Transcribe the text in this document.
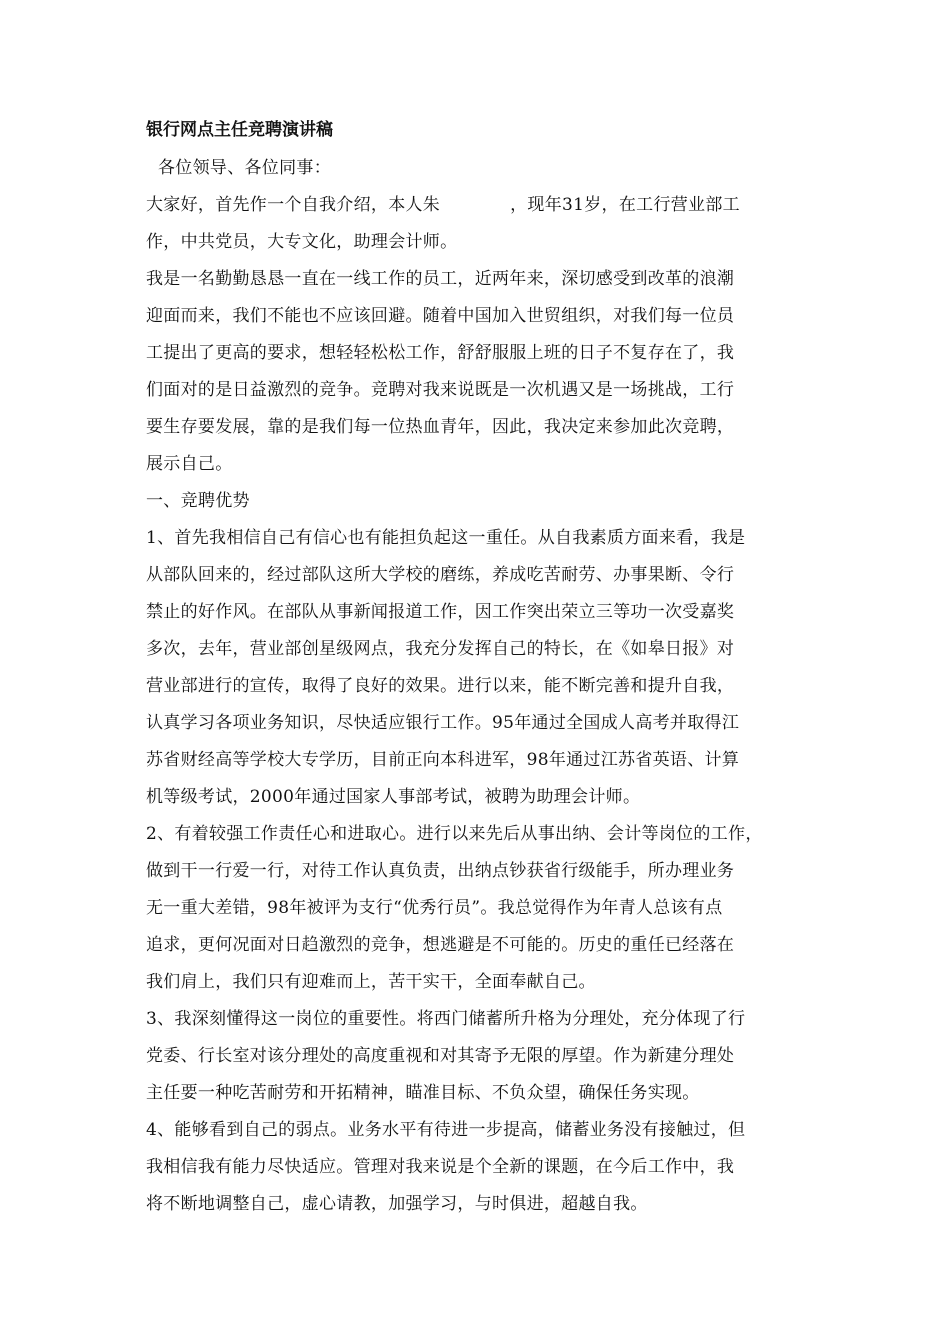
银行网点主任竞聘演讲稿
各位领导、各位同事：
大家好，首先作一个自我介绍，本人朱	，现年31岁，在工行营业部工
作，中共党员，大专文化，助理会计师。
我是一名勤勤恳恳一直在一线工作的员工，近两年来，深切感受到改革的浪潮
迎面而来，我们不能也不应该回避。随着中国加入世贸组织，对我们每一位员
工提出了更高的要求，想轻轻松松工作，舒舒服服上班的日子不复存在了，我
们面对的是日益激烈的竞争。竞聘对我来说既是一次机遇又是一场挑战，工行
要生存要发展，靠的是我们每一位热血青年，因此，我决定来参加此次竞聘，
展示自己。
一、竞聘优势
1、首先我相信自己有信心也有能担负起这一重任。从自我素质方面来看，我是
从部队回来的，经过部队这所大学校的磨练，养成吃苦耐劳、办事果断、令行
禁止的好作风。在部队从事新闻报道工作，因工作突出荣立三等功一次受嘉奖
多次，去年，营业部创星级网点，我充分发挥自己的特长，在《如皋日报》对
营业部进行的宣传，取得了良好的效果。进行以来，能不断完善和提升自我，
认真学习各项业务知识，尽快适应银行工作。95年通过全国成人高考并取得江
苏省财经高等学校大专学历，目前正向本科进军，98年通过江苏省英语、计算
机等级考试，2000年通过国家人事部考试，被聘为助理会计师。
2、有着较强工作责任心和进取心。进行以来先后从事出纳、会计等岗位的工作，
做到干一行爱一行，对待工作认真负责，出纳点钞获省行级能手，所办理业务
无一重大差错，98年被评为支行“优秀行员”。我总觉得作为年青人总该有点
追求，更何况面对日趋激烈的竞争，想逃避是不可能的。历史的重任已经落在
我们肩上，我们只有迎难而上，苦干实干，全面奉献自己。
3、我深刻懂得这一岗位的重要性。将西门储蓄所升格为分理处，充分体现了行
党委、行长室对该分理处的高度重视和对其寄予无限的厚望。作为新建分理处
主任要一种吃苦耐劳和开拓精神，瞄准目标、不负众望，确保任务实现。
4、能够看到自己的弱点。业务水平有待进一步提高，储蓄业务没有接触过，但
我相信我有能力尽快适应。管理对我来说是个全新的课题，在今后工作中，我
将不断地调整自己，虚心请教，加强学习，与时俱进，超越自我。
